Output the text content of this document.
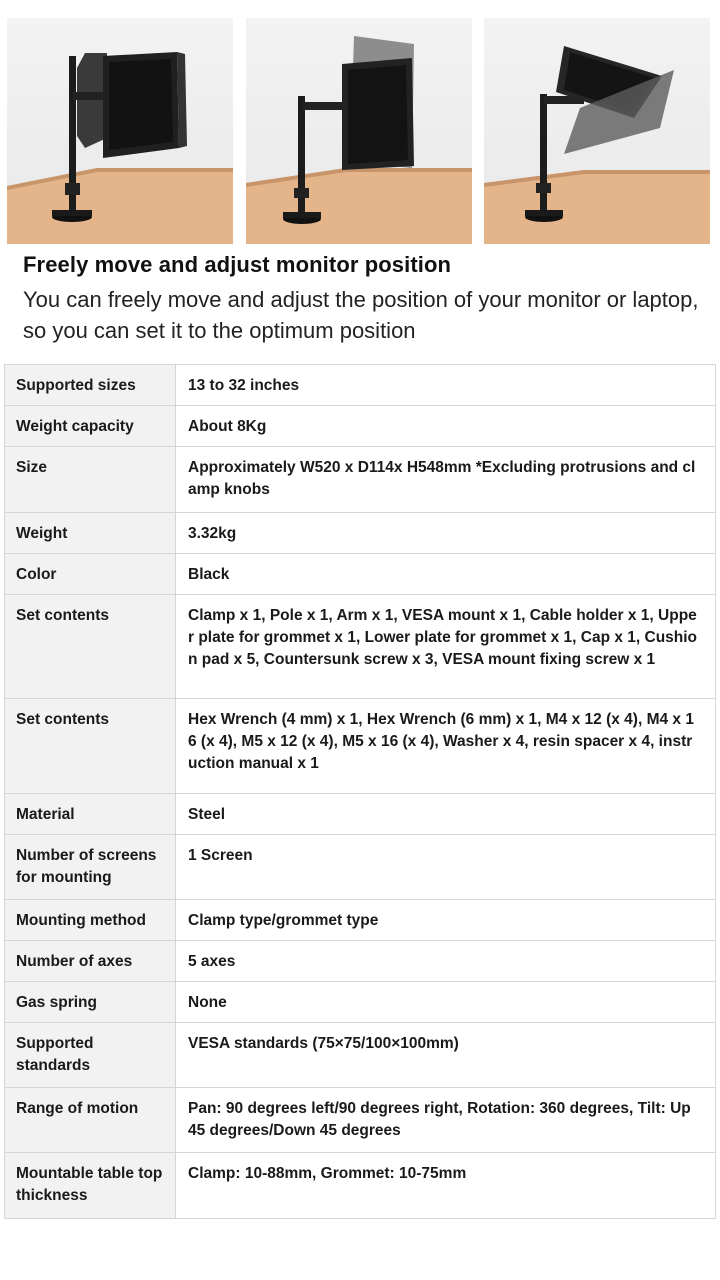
Freely move and adjust monitor position
You can freely move and adjust the position of your monitor or laptop, so you can set it to the optimum position
Supported sizes	13 to 32 inches
Weight capacity	About 8Kg
Size	Approximately W520 x D114x H548mm *Excluding protrusions and clamp knobs
Weight	3.32kg
Color	Black
Set contents	Clamp x 1, Pole x 1, Arm x 1, VESA mount x 1, Cable holder x 1, Upper plate for grommet x 1, Lower plate for grommet x 1, Cap x 1, Cushion pad x 5, Countersunk screw x 3, VESA mount fixing screw x 1
Set contents	Hex Wrench (4 mm) x 1, Hex Wrench (6 mm) x 1, M4 x 12 (x 4), M4 x 16 (x 4), M5 x 12 (x 4), M5 x 16 (x 4), Washer x 4, resin spacer x 4, instruction manual x 1
Material	Steel
Number of screens for mounting	1 Screen
Mounting method	Clamp type/grommet type
Number of axes	5 axes
Gas spring	None
Supported standards	VESA standards (75×75/100×100mm)
Range of motion	Pan: 90 degrees left/90 degrees right, Rotation: 360 degrees, Tilt: Up 45 degrees/Down 45 degrees
Mountable table top thickness	Clamp: 10-88mm, Grommet: 10-75mm
